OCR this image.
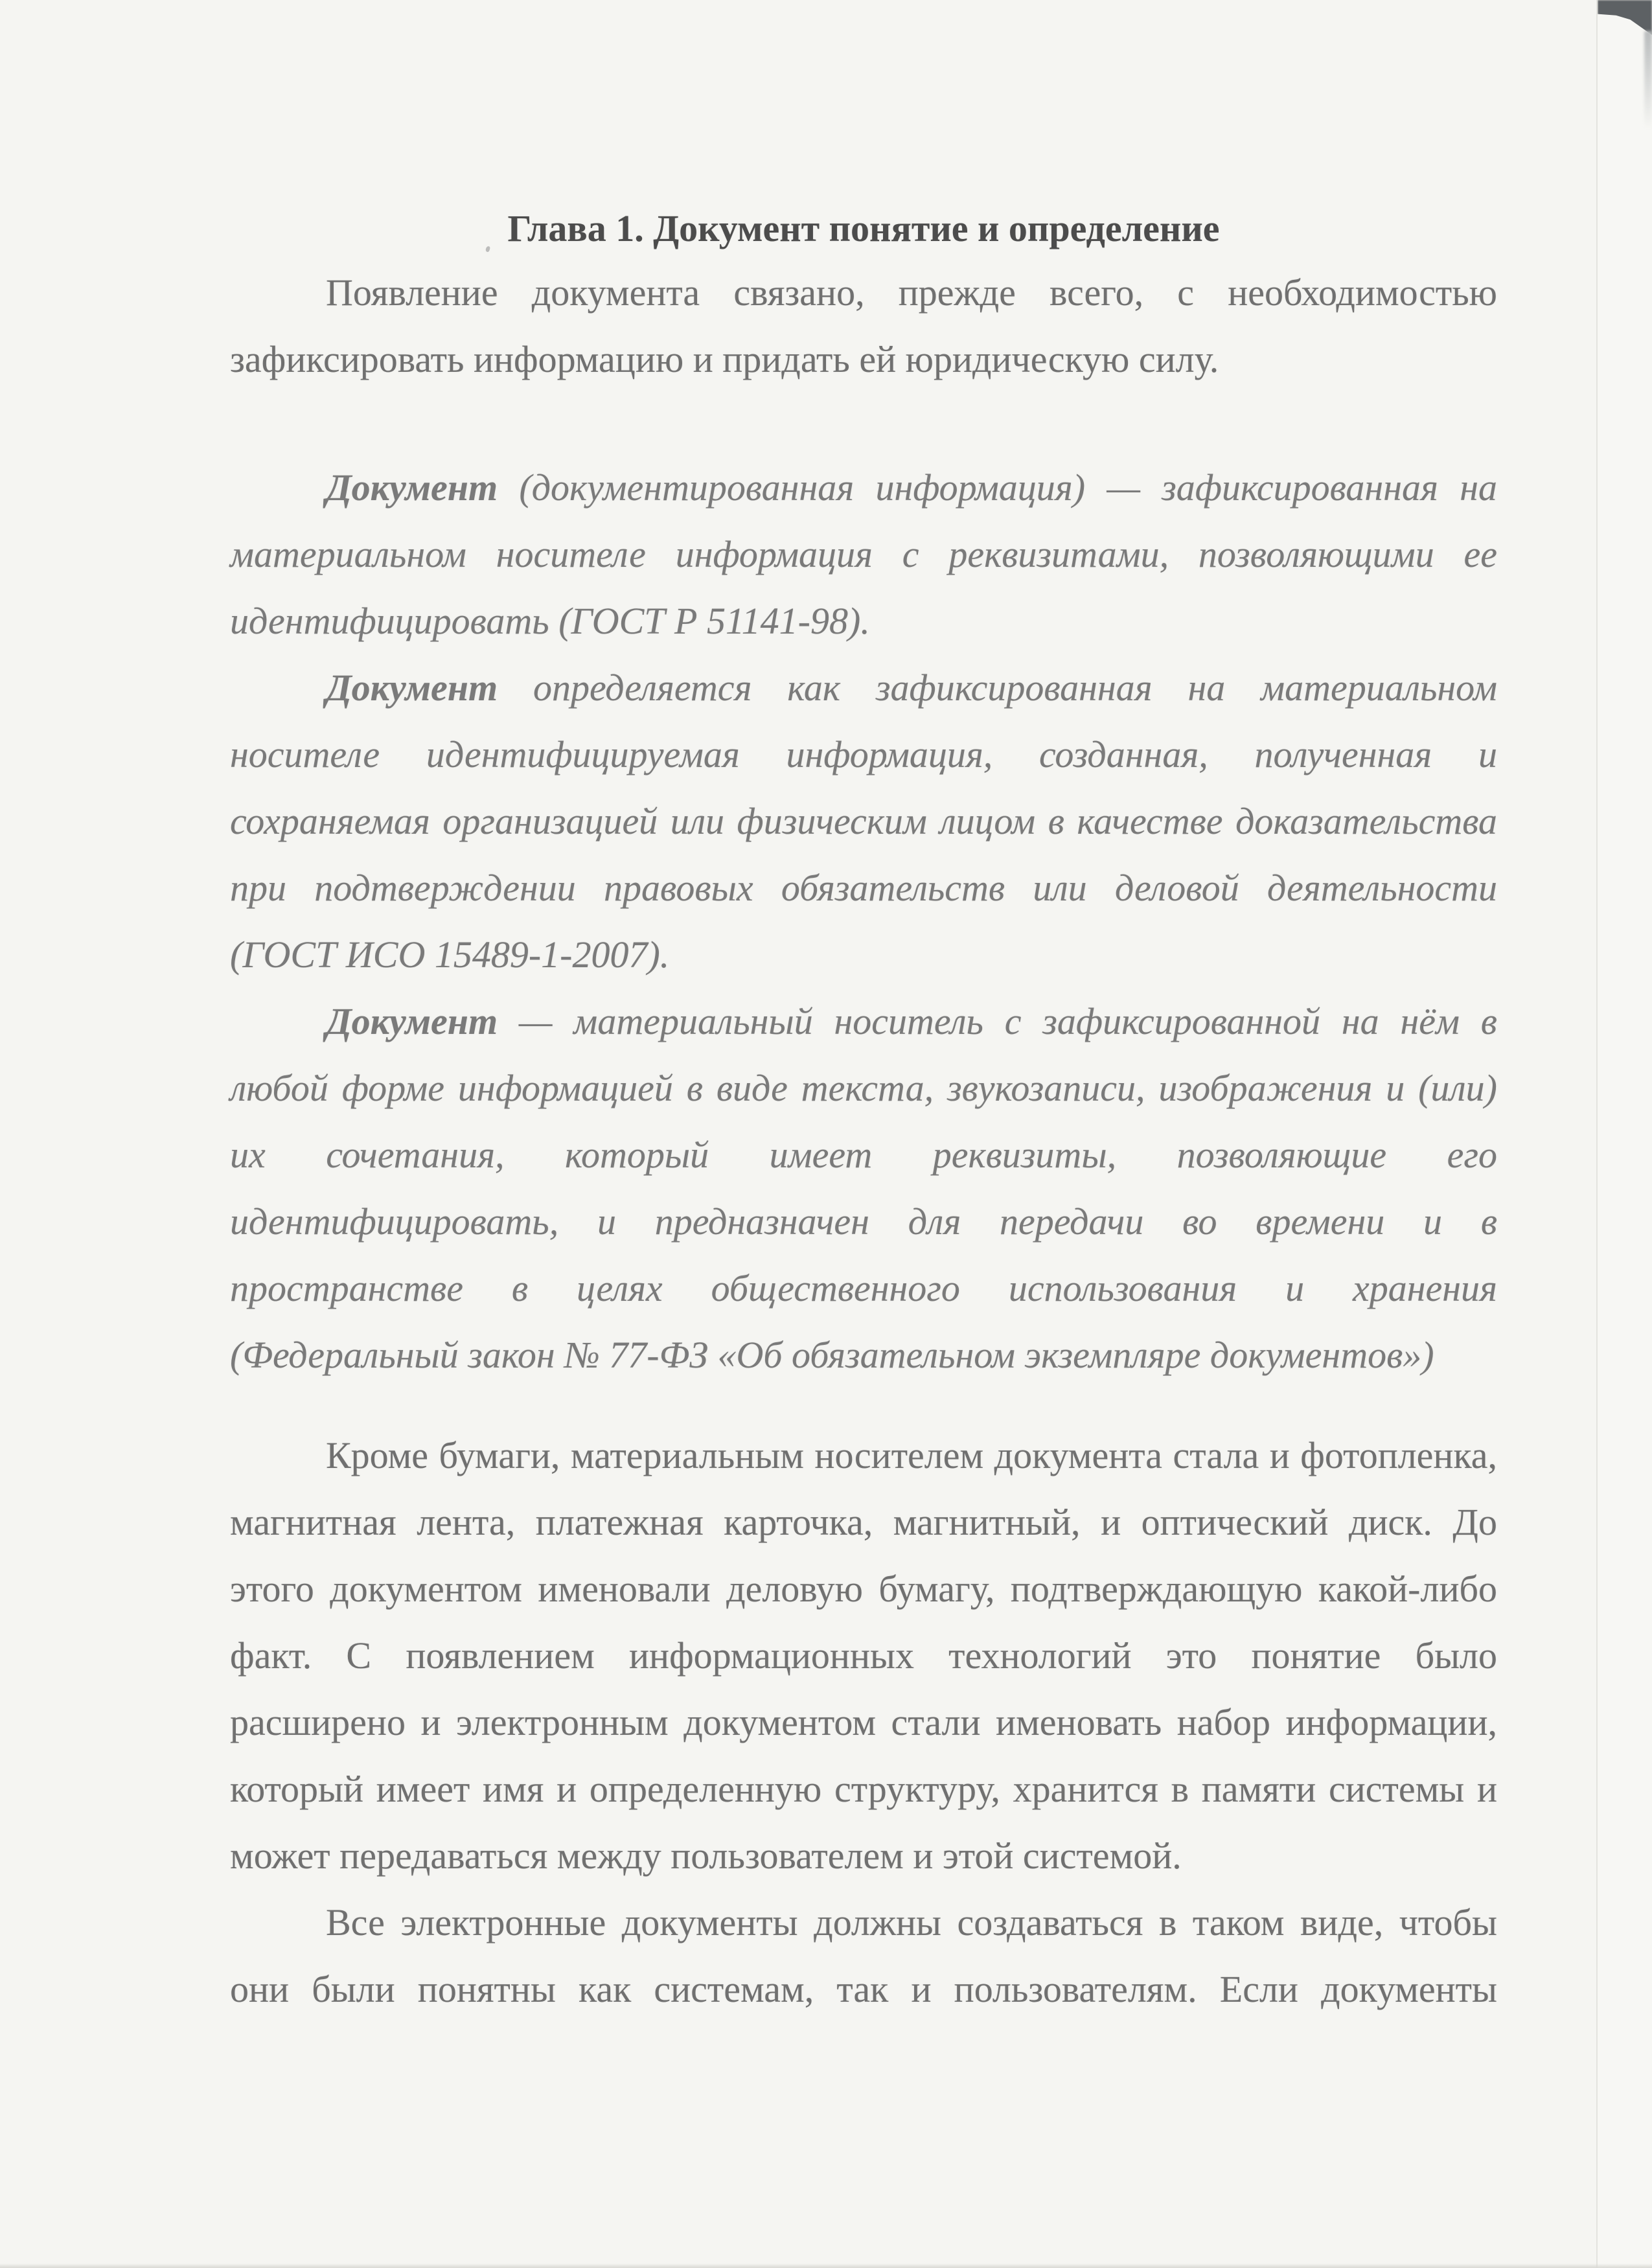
Глава 1. Документ понятие и определение

Появление документа связано, прежде всего, с необходимостью зафиксировать информацию и придать ей юридическую силу.

Документ (документированная информация) — зафиксированная на материальном носителе информация с реквизитами, позволяющими ее идентифицировать (ГОСТ Р 51141-98).

Документ определяется как зафиксированная на материальном носителе идентифицируемая информация, созданная, полученная и сохраняемая организацией или физическим лицом в качестве доказательства при подтверждении правовых обязательств или деловой деятельности (ГОСТ ИСО 15489-1-2007).

Документ — материальный носитель с зафиксированной на нём в любой форме информацией в виде текста, звукозаписи, изображения и (или) их сочетания, который имеет реквизиты, позволяющие его идентифицировать, и предназначен для передачи во времени и в пространстве в целях общественного использования и хранения (Федеральный закон № 77-ФЗ «Об обязательном экземпляре документов»)

Кроме бумаги, материальным носителем документа стала и фотопленка, магнитная лента, платежная карточка, магнитный, и оптический диск. До этого документом именовали деловую бумагу, подтверждающую какой-либо факт. С появлением информационных технологий это понятие было расширено и электронным документом стали именовать набор информации, который имеет имя и определенную структуру, хранится в памяти системы и может передаваться между пользователем и этой системой.

Все электронные документы должны создаваться в таком виде, чтобы они были понятны как системам, так и пользователям. Если документы
